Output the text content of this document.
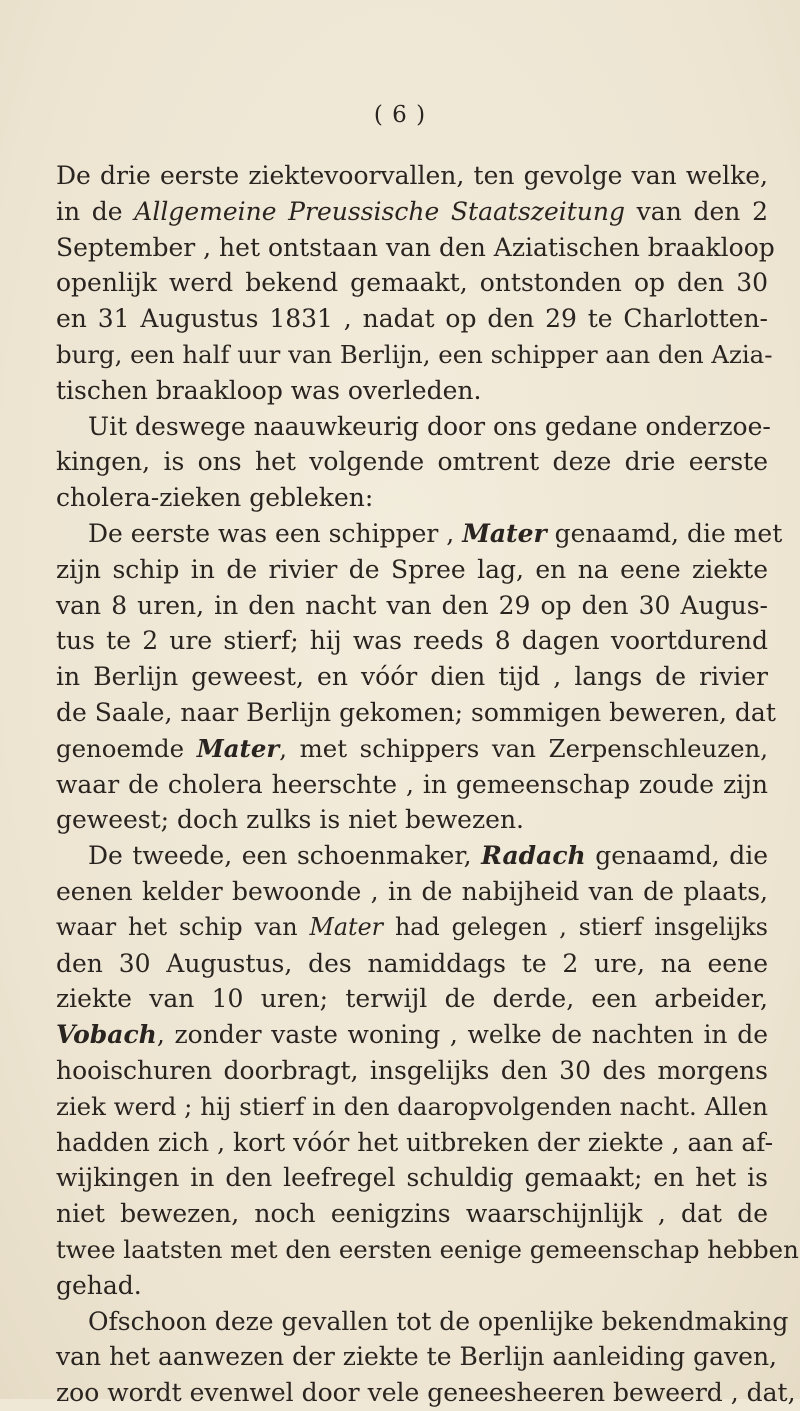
( 6 )
De drie eerste ziektevoorvallen, ten gevolge van welke,
in de Allgemeine Preussische Staatszeitung van den 2
September , het ontstaan van den Aziatischen braakloop
openlijk werd bekend gemaakt, ontstonden op den 30
en 31 Augustus 1831 , nadat op den 29 te Charlotten-
burg, een half uur van Berlijn, een schipper aan den Azia-
tischen braakloop was overleden.
Uit deswege naauwkeurig door ons gedane onderzoe-
kingen, is ons het volgende omtrent deze drie eerste
cholera-zieken gebleken:
De eerste was een schipper , Mater genaamd, die met
zijn schip in de rivier de Spree lag, en na eene ziekte
van 8 uren, in den nacht van den 29 op den 30 Augus-
tus te 2 ure stierf; hij was reeds 8 dagen voortdurend
in Berlijn geweest, en vóór dien tijd , langs de rivier
de Saale, naar Berlijn gekomen; sommigen beweren, dat
genoemde Mater, met schippers van Zerpenschleuzen,
waar de cholera heerschte , in gemeenschap zoude zijn
geweest; doch zulks is niet bewezen.
De tweede, een schoenmaker, Radach genaamd, die
eenen kelder bewoonde , in de nabijheid van de plaats,
waar het schip van Mater had gelegen , stierf insgelijks
den 30 Augustus, des namiddags te 2 ure, na eene
ziekte van 10 uren; terwijl de derde, een arbeider,
Vobach, zonder vaste woning , welke de nachten in de
hooischuren doorbragt, insgelijks den 30 des morgens
ziek werd ; hij stierf in den daaropvolgenden nacht. Allen
hadden zich , kort vóór het uitbreken der ziekte , aan af-
wijkingen in den leefregel schuldig gemaakt; en het is
niet bewezen, noch eenigzins waarschijnlijk , dat de
twee laatsten met den eersten eenige gemeenschap hebben
gehad.
Ofschoon deze gevallen tot de openlijke bekendmaking
van het aanwezen der ziekte te Berlijn aanleiding gaven,
zoo wordt evenwel door vele geneesheeren beweerd , dat,
